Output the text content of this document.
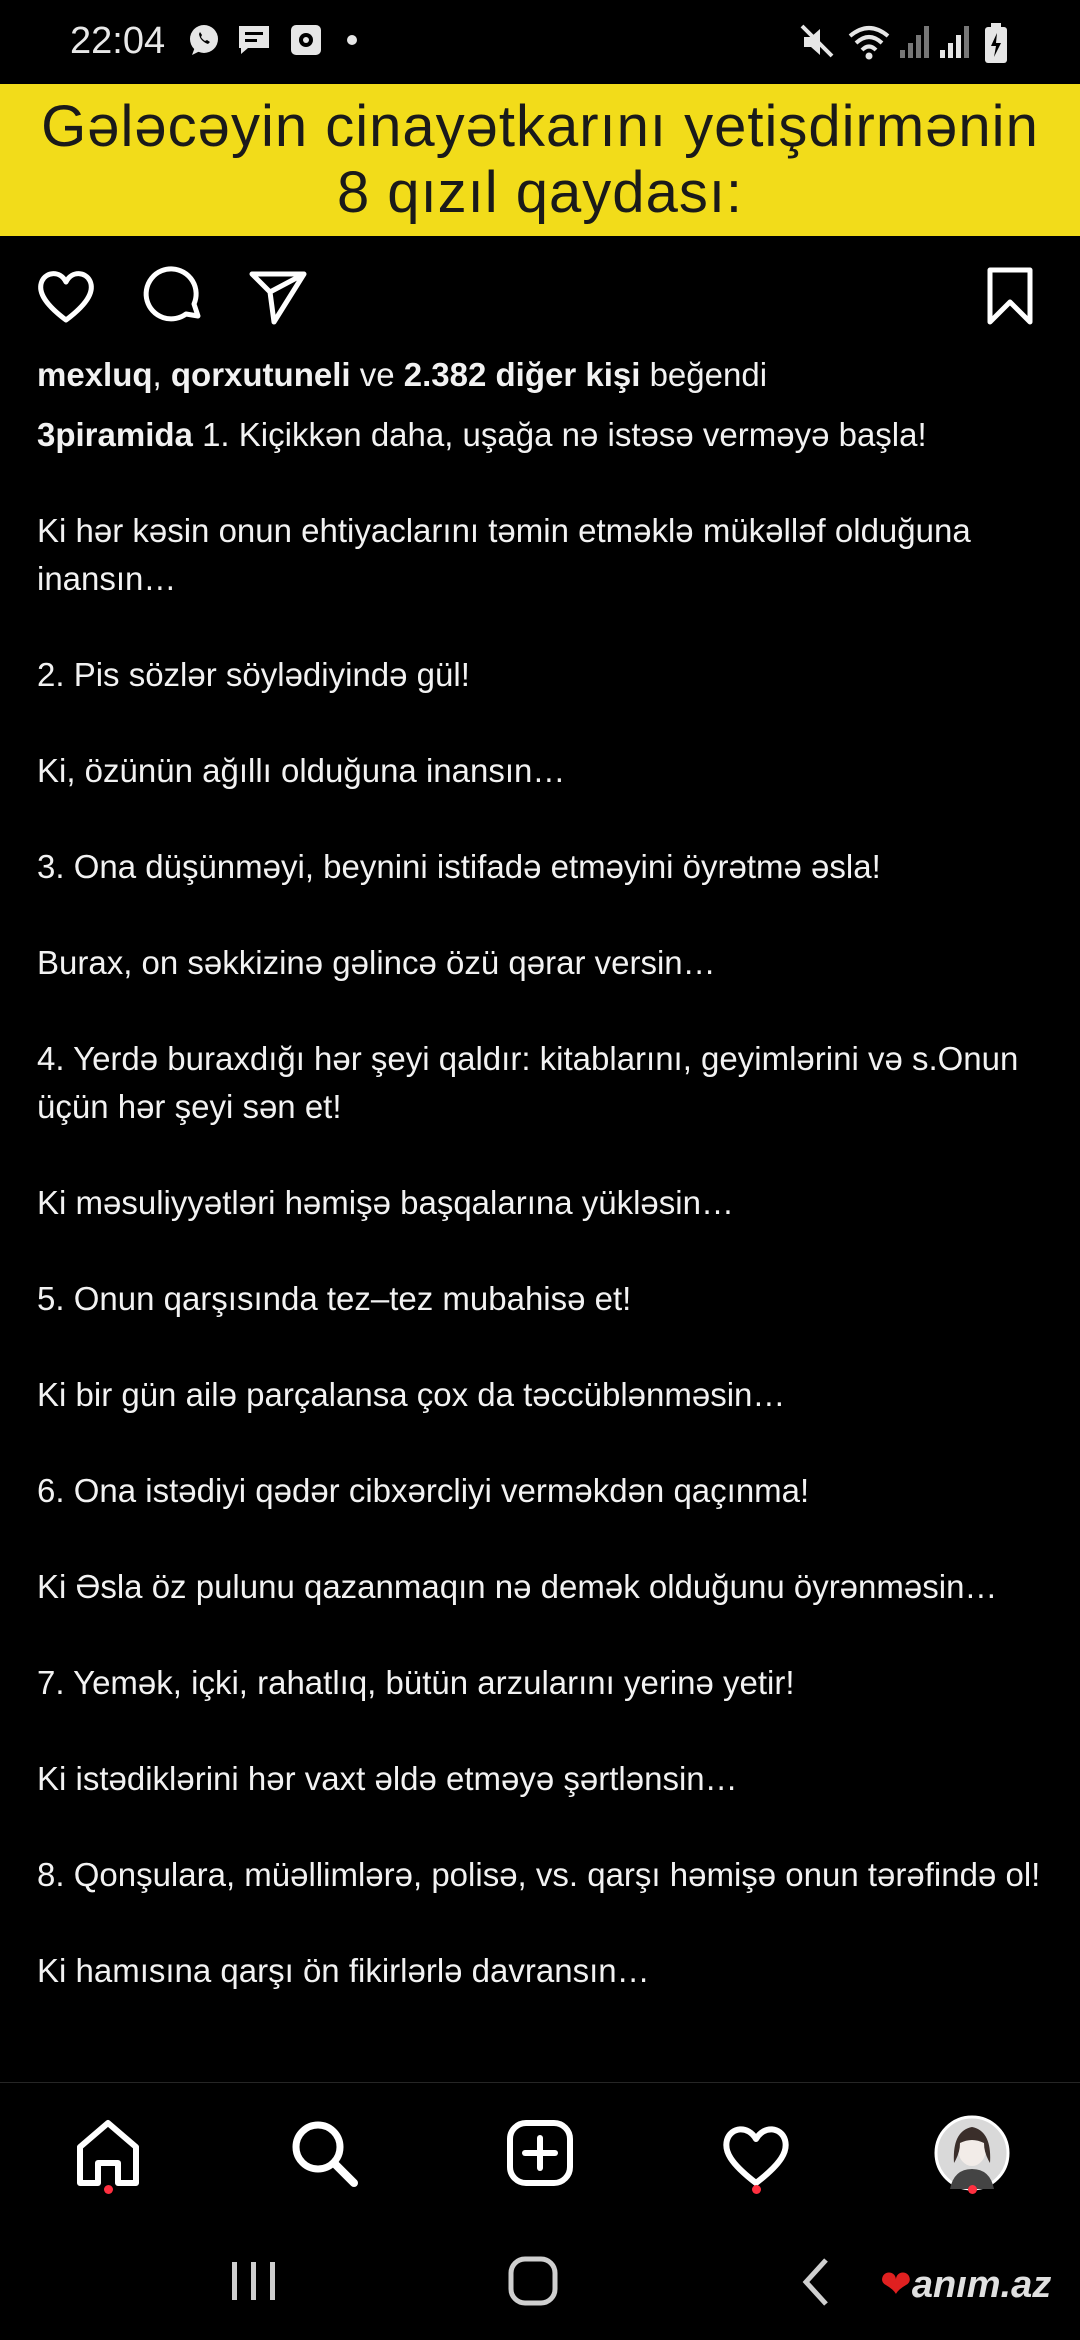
22:04
Gələcəyin cinayətkarını yetişdirmənin
8 qızıl qaydası:
mexluq, qorxutuneli ve 2.382 diğer kişi beğendi

3piramida 1. Kiçikkən daha, uşağa nə istəsə verməyə başla!

Ki hər kəsin onun ehtiyaclarını təmin etməklə mükəlləf olduğuna inansın…

2. Pis sözlər söylədiyində gül!

Ki, özünün ağıllı olduğuna inansın…

3. Ona düşünməyi, beynini istifadə etməyini öyrətmə əsla!

Burax, on səkkizinə gəlincə özü qərar versin…

4. Yerdə buraxdığı hər şeyi qaldır: kitablarını, geyimlərini və s.Onun üçün hər şeyi sən et!

Ki məsuliyyətləri həmişə başqalarına yükləsin…

5. Onun qarşısında tez–tez mubahisə et!

Ki bir gün ailə parçalansa çox da təccüblənməsin…

6. Ona istədiyi qədər cibxərcliyi verməkdən qaçınma!

Ki Əsla öz pulunu qazanmaqın nə demək olduğunu öyrənməsin…

7. Yemək, içki, rahatlıq, bütün arzularını yerinə yetir!

Ki istədiklərini hər vaxt əldə etməyə şərtlənsin…

8. Qonşulara, müəllimlərə, polisə, vs. qarşı həmişə onun tərəfində ol!

Ki hamısına qarşı ön fikirlərlə davransın…

❤anım.az
